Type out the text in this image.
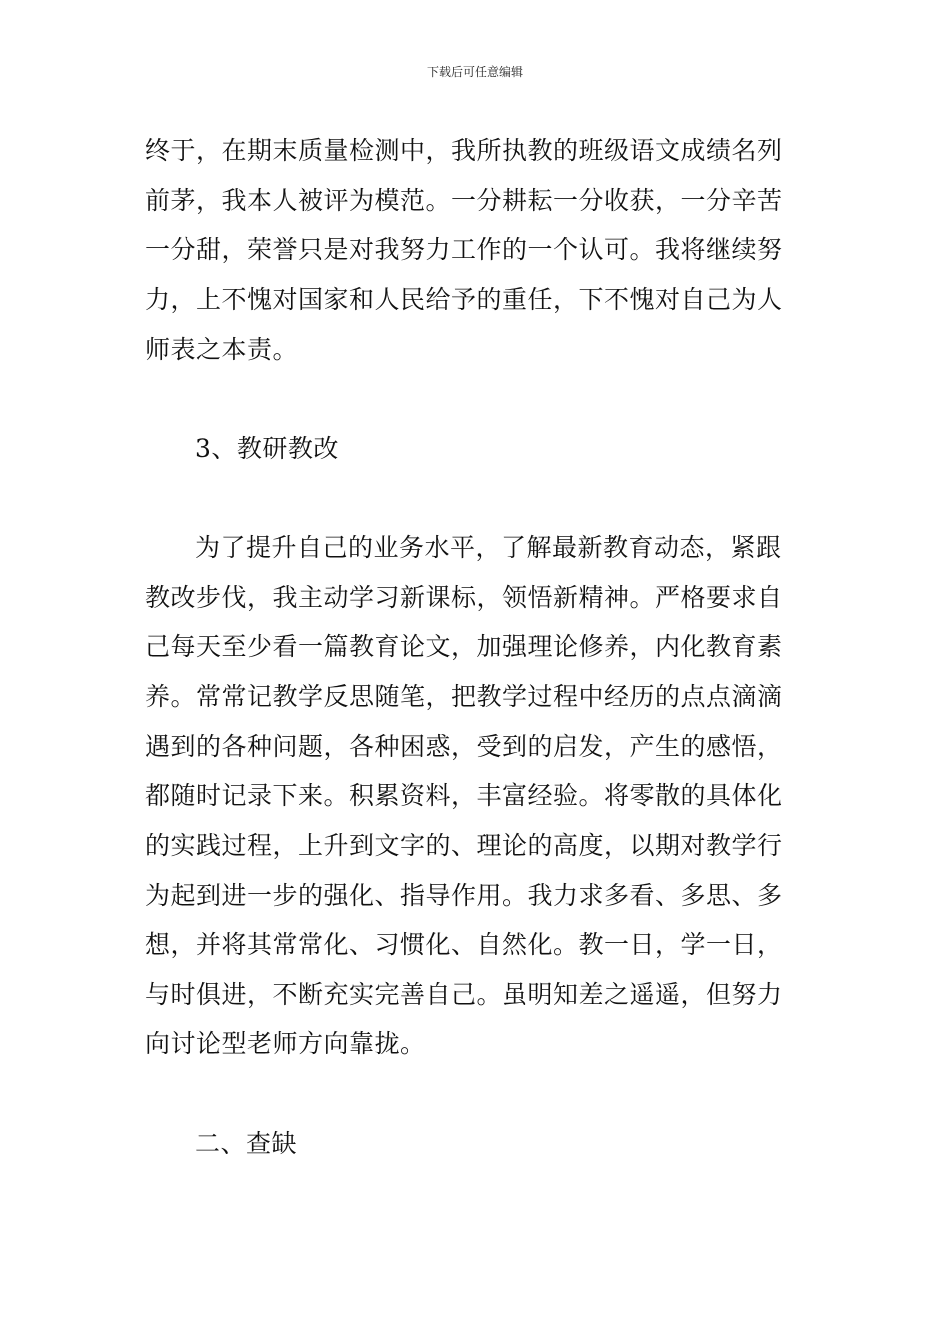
下载后可任意编辑
终于，在期末质量检测中，我所执教的班级语文成绩名列
前茅，我本人被评为模范。一分耕耘一分收获，一分辛苦
一分甜，荣誉只是对我努力工作的一个认可。我将继续努
力，上不愧对国家和人民给予的重任，下不愧对自己为人
师表之本责。
3、教研教改
为了提升自己的业务水平，了解最新教育动态，紧跟
教改步伐，我主动学习新课标，领悟新精神。严格要求自
己每天至少看一篇教育论文，加强理论修养，内化教育素
养。常常记教学反思随笔，把教学过程中经历的点点滴滴
遇到的各种问题，各种困惑，受到的启发，产生的感悟，
都随时记录下来。积累资料，丰富经验。将零散的具体化
的实践过程，上升到文字的、理论的高度，以期对教学行
为起到进一步的强化、指导作用。我力求多看、多思、多
想，并将其常常化、习惯化、自然化。教一日，学一日，
与时俱进，不断充实完善自己。虽明知差之遥遥，但努力
向讨论型老师方向靠拢。
二、查缺
